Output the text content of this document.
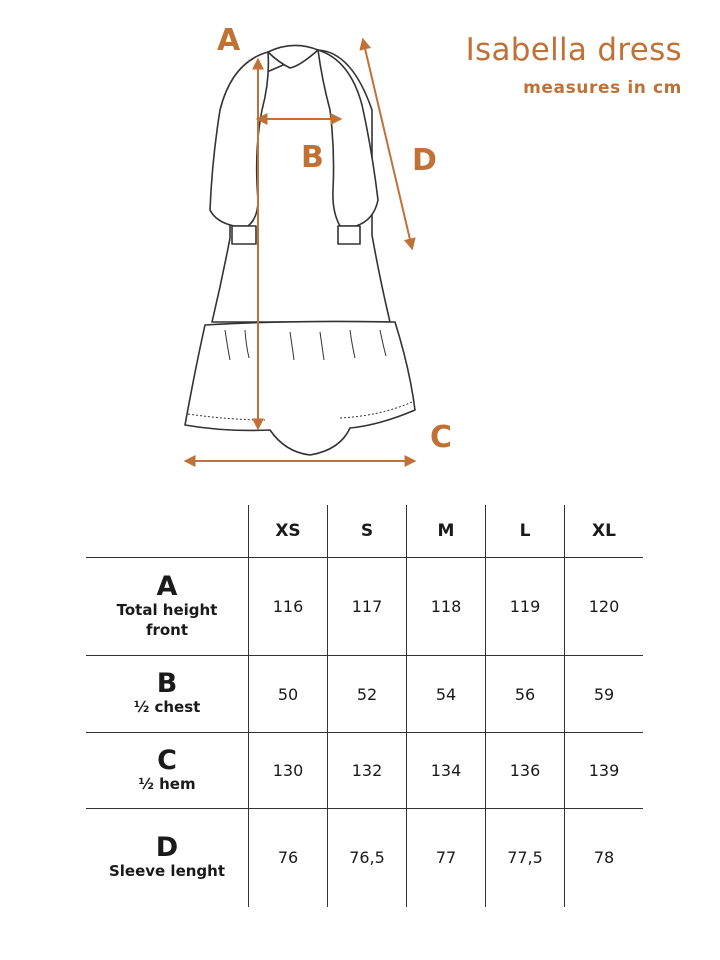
Isabella dress
measures in cm
A
B
C
D
	XS	S	M	L	XL

A
Total height front	116	117	118	119	120

B
½ chest	50	52	54	56	59

C
½ hem	130	132	134	136	139

D
Sleeve lenght	76	76,5	77	77,5	78
